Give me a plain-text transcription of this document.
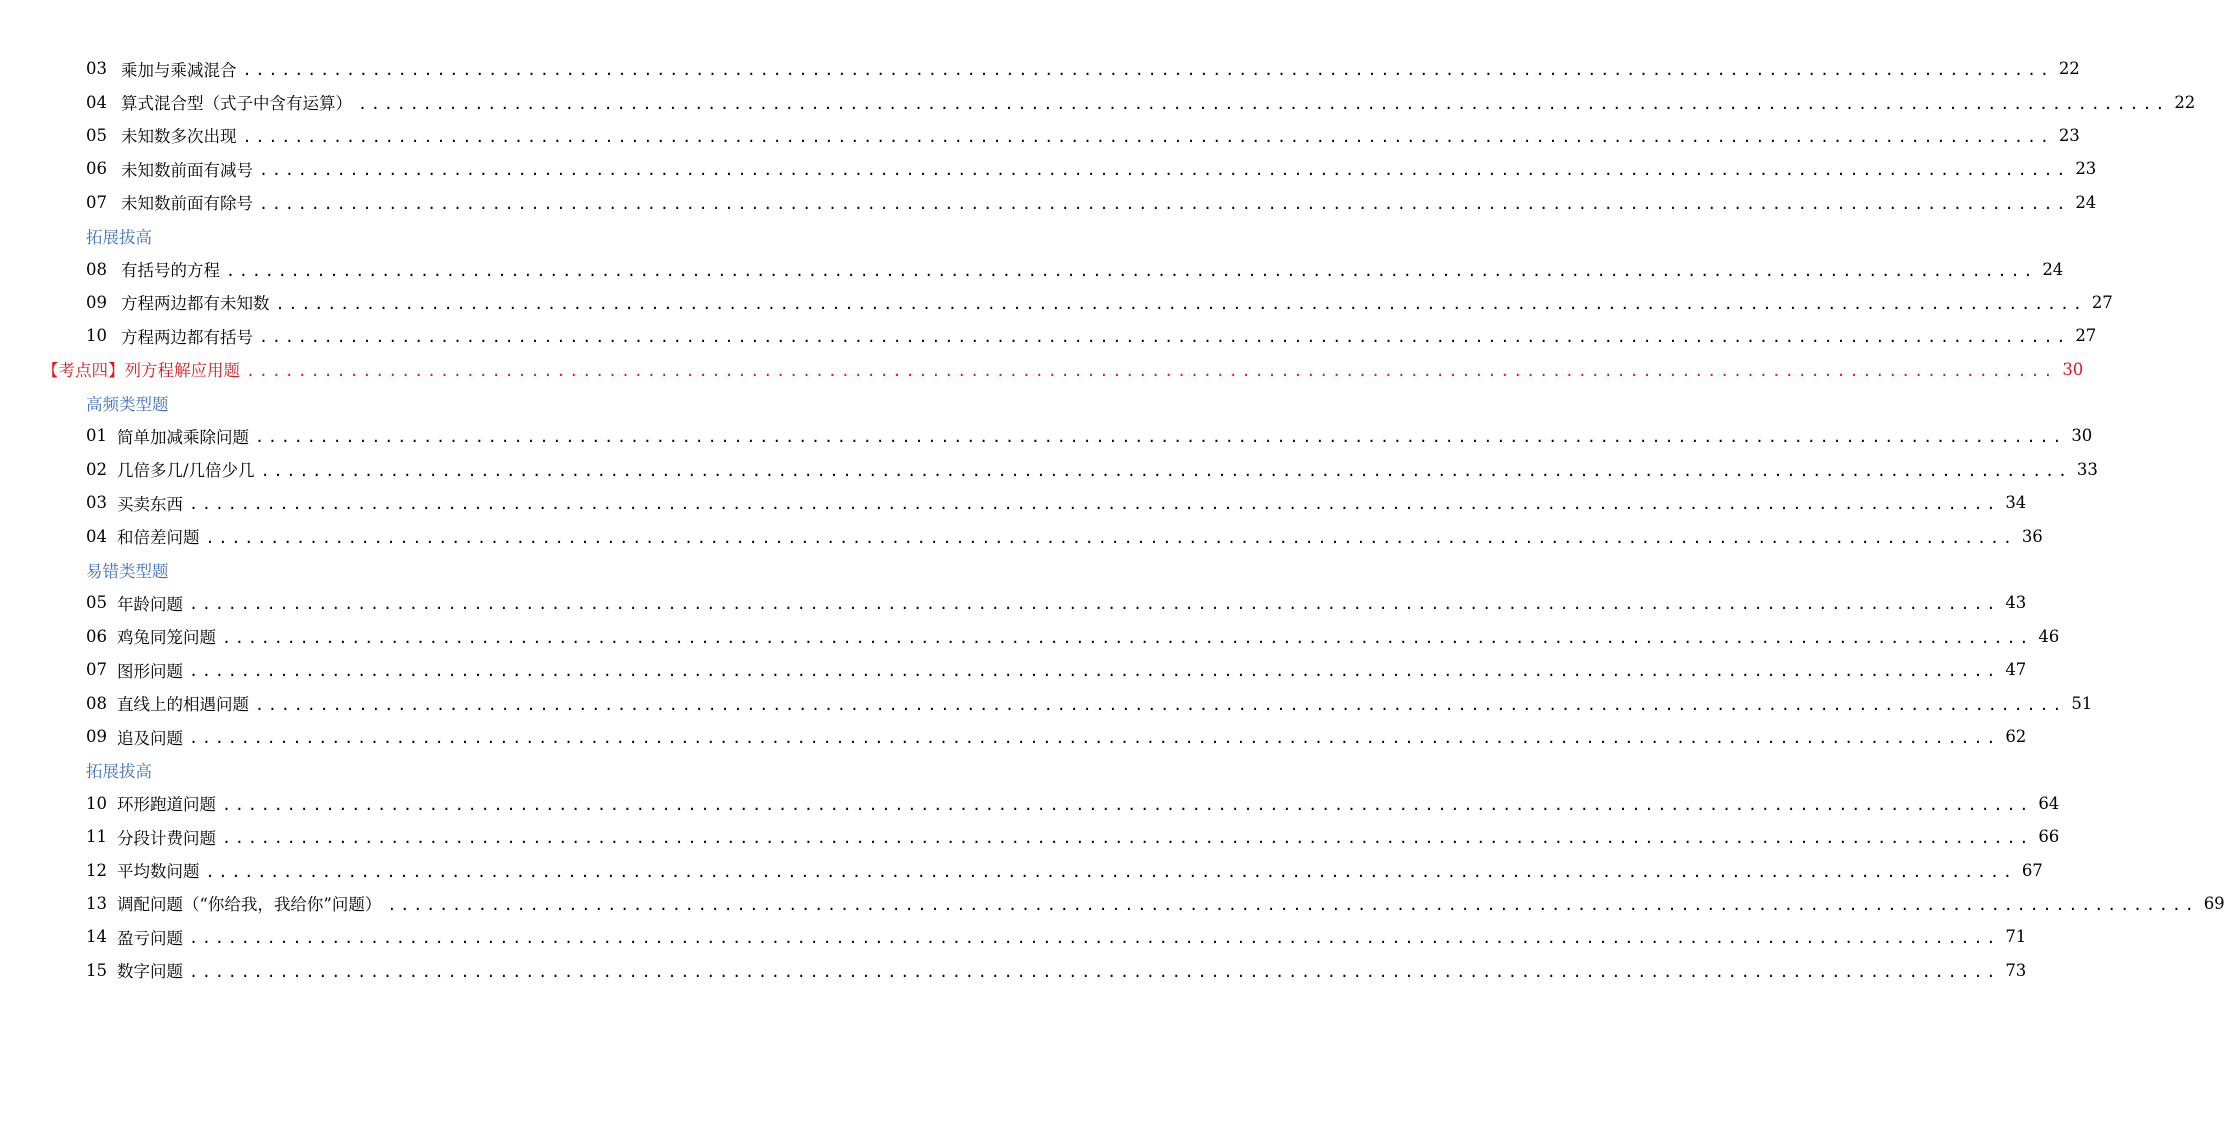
03 乘加与乘减混合 ............................................................................................................................................ 22
04 算式混合型（式子中含有运算） ............................................................................................................................................ 22
05 未知数多次出现 ............................................................................................................................................ 23
06 未知数前面有减号 ............................................................................................................................................ 23
07 未知数前面有除号 ............................................................................................................................................ 24
拓展拔高
08 有括号的方程 ............................................................................................................................................ 24
09 方程两边都有未知数 ............................................................................................................................................ 27
10 方程两边都有括号 ............................................................................................................................................ 27
【考点四】列方程解应用题 ............................................................................................................................................ 30
高频类型题
01 简单加减乘除问题 ............................................................................................................................................ 30
02 几倍多几/几倍少几 ............................................................................................................................................ 33
03 买卖东西 ............................................................................................................................................ 34
04 和倍差问题 ............................................................................................................................................ 36
易错类型题
05 年龄问题 ............................................................................................................................................ 43
06 鸡兔同笼问题 ............................................................................................................................................ 46
07 图形问题 ............................................................................................................................................ 47
08 直线上的相遇问题 ............................................................................................................................................ 51
09 追及问题 ............................................................................................................................................ 62
拓展拔高
10 环形跑道问题 ............................................................................................................................................ 64
11 分段计费问题 ............................................................................................................................................ 66
12 平均数问题 ............................................................................................................................................ 67
13 调配问题（“你给我，我给你”问题） ............................................................................................................................................ 69
14 盈亏问题 ............................................................................................................................................ 71
15 数字问题 ............................................................................................................................................ 73
